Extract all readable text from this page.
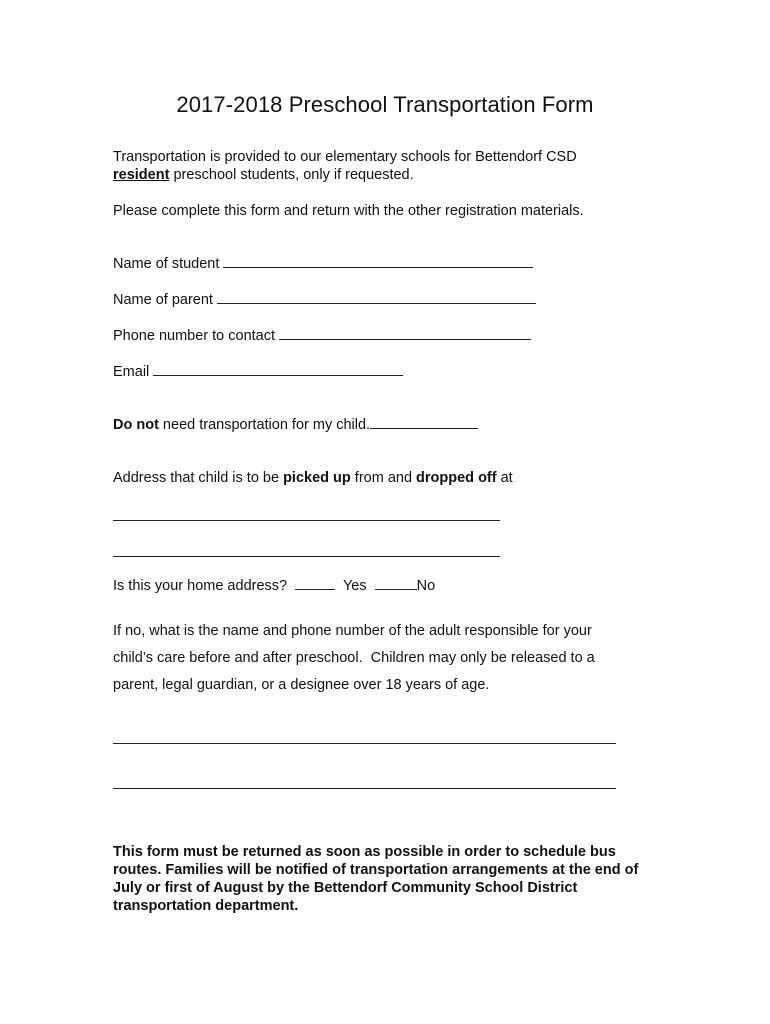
2017-2018 Preschool Transportation Form

Transportation is provided to our elementary schools for Bettendorf CSD

resident preschool students, only if requested.

Please complete this form and return with the other registration materials.

Name of student

Name of parent

Phone number to contact

Email

Do not need transportation for my child.

Address that child is to be picked up from and dropped off at

Is this your home address?	Yes	No

If no, what is the name and phone number of the adult responsible for your

child’s care before and after preschool.  Children may only be released to a

parent, legal guardian, or a designee over 18 years of age.

This form must be returned as soon as possible in order to schedule bus routes. Families will be notified of transportation arrangements at the end of July or first of August by the Bettendorf Community School District transportation department.
